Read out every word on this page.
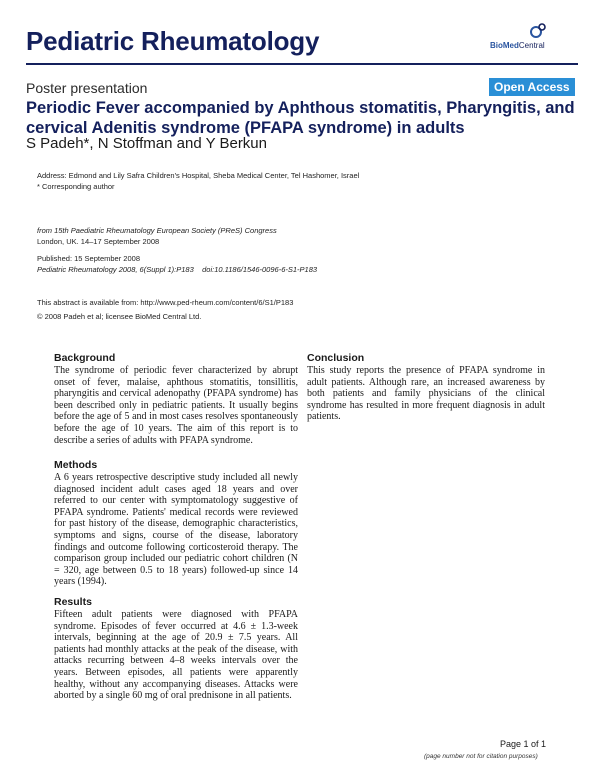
Pediatric Rheumatology	BioMedCentral
Poster presentation	Open Access
Periodic Fever accompanied by Aphthous stomatitis, Pharyngitis, and cervical Adenitis syndrome (PFAPA syndrome) in adults
S Padeh*, N Stoffman and Y Berkun
Address: Edmond and Lily Safra Children's Hospital, Sheba Medical Center, Tel Hashomer, Israel
* Corresponding author
from 15th Paediatric Rheumatology European Society (PReS) Congress
London, UK. 14–17 September 2008
Published: 15 September 2008
Pediatric Rheumatology 2008, 6(Suppl 1):P183    doi:10.1186/1546-0096-6-S1-P183
This abstract is available from: http://www.ped-rheum.com/content/6/S1/P183
© 2008 Padeh et al; licensee BioMed Central Ltd.
Background
The syndrome of periodic fever characterized by abrupt onset of fever, malaise, aphthous stomatitis, tonsillitis, pharyngitis and cervical adenopathy (PFAPA syndrome) has been described only in pediatric patients. It usually begins before the age of 5 and in most cases resolves spontaneously before the age of 10 years. The aim of this report is to describe a series of adults with PFAPA syndrome.
Methods
A 6 years retrospective descriptive study included all newly diagnosed incident adult cases aged 18 years and over referred to our center with symptomatology suggestive of PFAPA syndrome. Patients' medical records were reviewed for past history of the disease, demographic characteristics, symptoms and signs, course of the disease, laboratory findings and outcome following corticosteroid therapy. The comparison group included our pediatric cohort children (N = 320, age between 0.5 to 18 years) followed-up since 14 years (1994).
Results
Fifteen adult patients were diagnosed with PFAPA syndrome. Episodes of fever occurred at 4.6 ± 1.3-week intervals, beginning at the age of 20.9 ± 7.5 years. All patients had monthly attacks at the peak of the disease, with attacks recurring between 4–8 weeks intervals over the years. Between episodes, all patients were apparently healthy, without any accompanying diseases. Attacks were aborted by a single 60 mg of oral prednisone in all patients.
Conclusion
This study reports the presence of PFAPA syndrome in adult patients. Although rare, an increased awareness by both patients and family physicians of the clinical syndrome has resulted in more frequent diagnosis in adult patients.
Page 1 of 1
(page number not for citation purposes)
